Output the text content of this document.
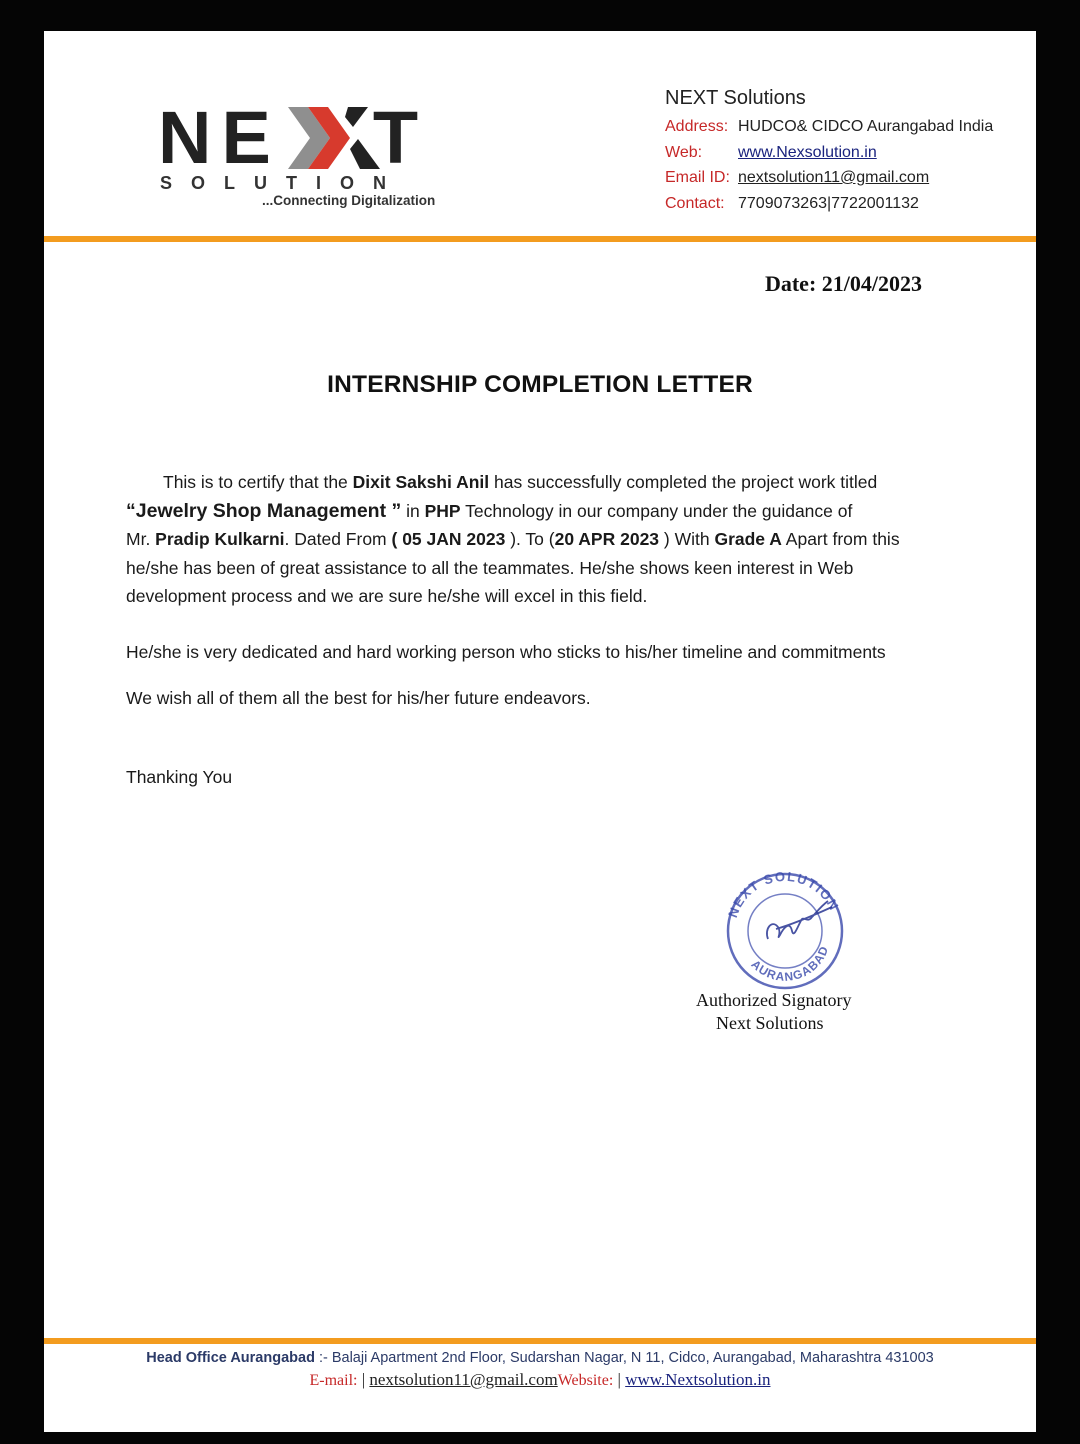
NE T
SOLUTION
...Connecting Digitalization
NEXT Solutions
Address: HUDCO& CIDCO Aurangabad India
Web: www.Nexsolution.in
Email ID: nextsolution11@gmail.com
Contact: 7709073263|7722001132
Date: 21/04/2023
INTERNSHIP COMPLETION LETTER
This is to certify that the Dixit Sakshi Anil has successfully completed the project work titled
“Jewelry Shop Management ” in PHP Technology in our company under the guidance of
Mr. Pradip Kulkarni. Dated From ( 05 JAN 2023 ). To (20 APR 2023 ) With Grade A Apart from this he/she has been of great assistance to all the teammates. He/she shows keen interest in Web development process and we are sure he/she will excel in this field.
He/she is very dedicated and hard working person who sticks to his/her timeline and commitments
We wish all of them all the best for his/her future endeavors.
Thanking You
NEXT SOLUTION
AURANGABAD
Authorized Signatory

Next Solutions
Head Office Aurangabad :- Balaji Apartment 2nd Floor, Sudarshan Nagar, N 11, Cidco, Aurangabad, Maharashtra 431003
E-mail: | nextsolution11@gmail.comWebsite: | www.Nextsolution.in
